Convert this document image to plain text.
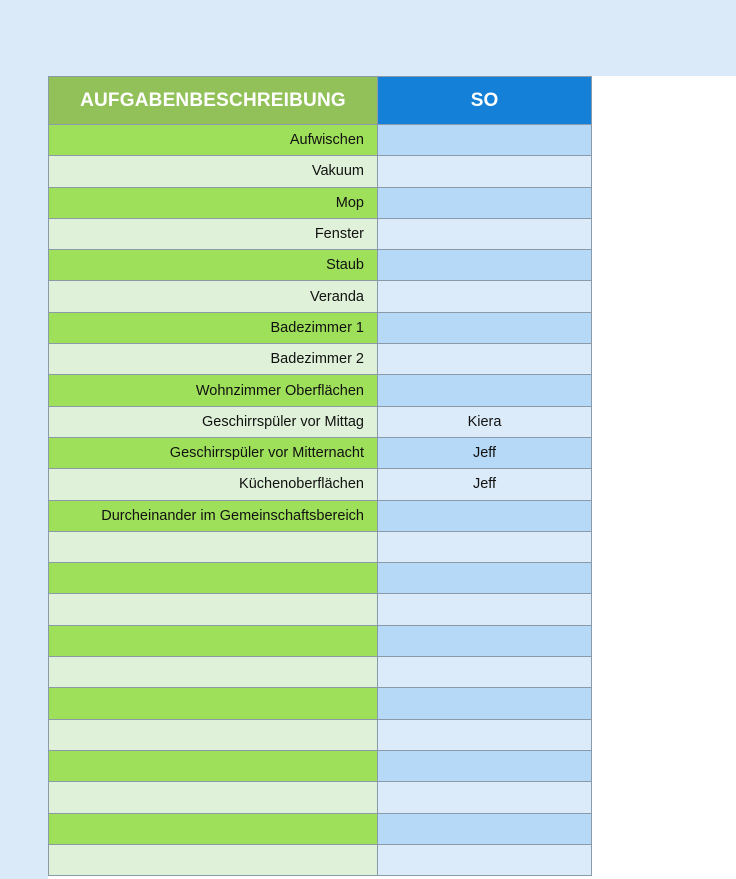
AUFGABENBESCHREIBUNG	SO
Aufwischen	
Vakuum	
Mop	
Fenster	
Staub	
Veranda	
Badezimmer 1	
Badezimmer 2	
Wohnzimmer Oberflächen	
Geschirrspüler vor Mittag	Kiera
Geschirrspüler vor Mitternacht	Jeff
Küchenoberflächen	Jeff
Durcheinander im Gemeinschaftsbereich	
